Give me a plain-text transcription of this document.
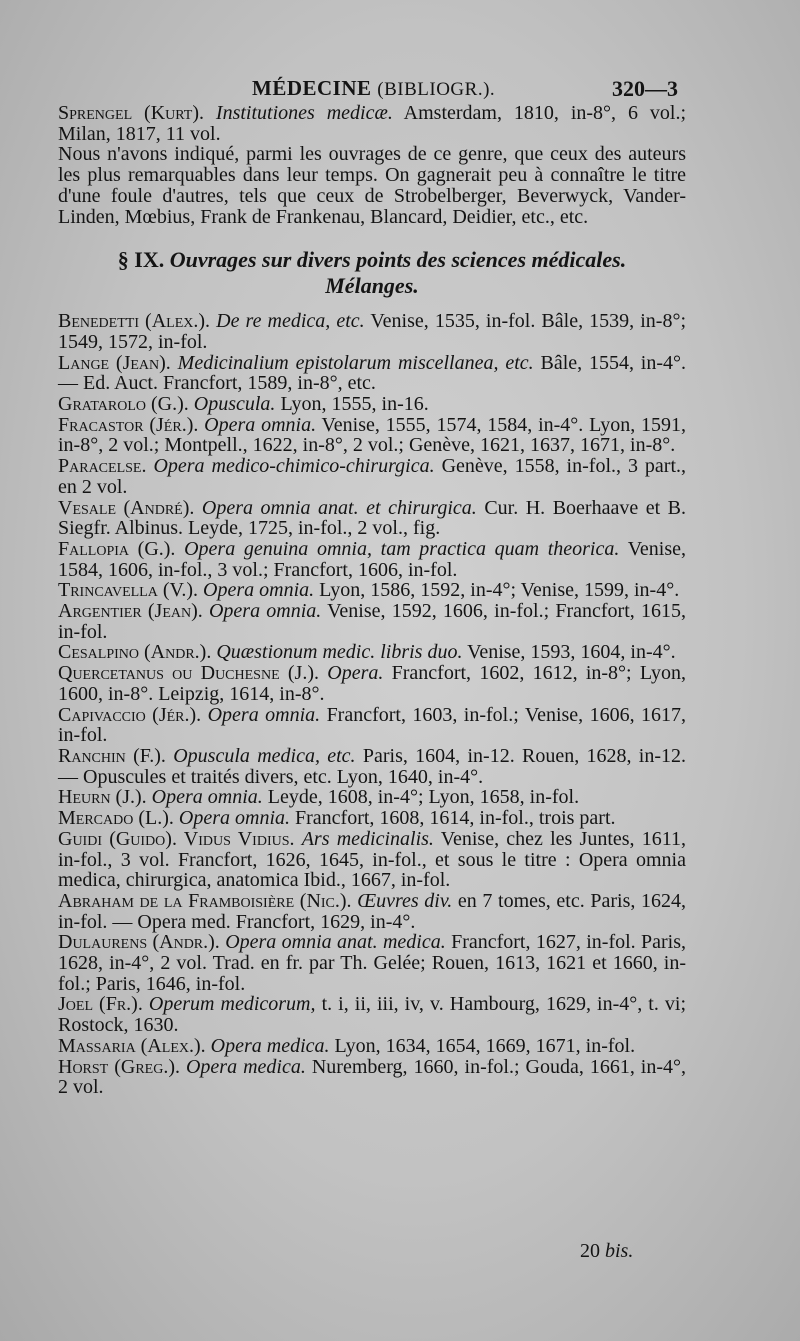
MÉDECINE (BIBLIOGR.).	320—3

Sprengel (Kurt). Institutiones medicæ. Amsterdam, 1810, in-8°, 6 vol.; Milan, 1817, 11 vol.

Nous n'avons indiqué, parmi les ouvrages de ce genre, que ceux des auteurs les plus remarquables dans leur temps. On gagnerait peu à connaître le titre d'une foule d'autres, tels que ceux de Strobelberger, Beverwyck, Vander-Linden, Mœbius, Frank de Frankenau, Blancard, Deidier, etc., etc.

§ IX. Ouvrages sur divers points des sciences médicales.
Mélanges.

Benedetti (Alex.). De re medica, etc. Venise, 1535, in-fol. Bâle, 1539, in-8°; 1549, 1572, in-fol.

Lange (Jean). Medicinalium epistolarum miscellanea, etc. Bâle, 1554, in-4°. — Ed. Auct. Francfort, 1589, in-8°, etc.

Gratarolo (G.). Opuscula. Lyon, 1555, in-16.

Fracastor (Jér.). Opera omnia. Venise, 1555, 1574, 1584, in-4°. Lyon, 1591, in-8°, 2 vol.; Montpell., 1622, in-8°, 2 vol.; Genève, 1621, 1637, 1671, in-8°.

Paracelse. Opera medico-chimico-chirurgica. Genève, 1558, in-fol., 3 part., en 2 vol.

Vesale (André). Opera omnia anat. et chirurgica. Cur. H. Boerhaave et B. Siegfr. Albinus. Leyde, 1725, in-fol., 2 vol., fig.

Fallopia (G.). Opera genuina omnia, tam practica quam theorica. Venise, 1584, 1606, in-fol., 3 vol.; Francfort, 1606, in-fol.

Trincavella (V.). Opera omnia. Lyon, 1586, 1592, in-4°; Venise, 1599, in-4°.

Argentier (Jean). Opera omnia. Venise, 1592, 1606, in-fol.; Francfort, 1615, in-fol.

Cesalpino (Andr.). Quæstionum medic. libris duo. Venise, 1593, 1604, in-4°.

Quercetanus ou Duchesne (J.). Opera. Francfort, 1602, 1612, in-8°; Lyon, 1600, in-8°. Leipzig, 1614, in-8°.

Capivaccio (Jér.). Opera omnia. Francfort, 1603, in-fol.; Venise, 1606, 1617, in-fol.

Ranchin (F.). Opuscula medica, etc. Paris, 1604, in-12. Rouen, 1628, in-12. — Opuscules et traités divers, etc. Lyon, 1640, in-4°.

Heurn (J.). Opera omnia. Leyde, 1608, in-4°; Lyon, 1658, in-fol.

Mercado (L.). Opera omnia. Francfort, 1608, 1614, in-fol., trois part.

Guidi (Guido). Vidus Vidius. Ars medicinalis. Venise, chez les Juntes, 1611, in-fol., 3 vol. Francfort, 1626, 1645, in-fol., et sous le titre : Opera omnia medica, chirurgica, anatomica Ibid., 1667, in-fol.

Abraham de la Framboisière (Nic.). Œuvres div. en 7 tomes, etc. Paris, 1624, in-fol. — Opera med. Francfort, 1629, in-4°.

Dulaurens (Andr.). Opera omnia anat. medica. Francfort, 1627, in-fol. Paris, 1628, in-4°, 2 vol. Trad. en fr. par Th. Gelée; Rouen, 1613, 1621 et 1660, in-fol.; Paris, 1646, in-fol.

Joel (Fr.). Operum medicorum, t. i, ii, iii, iv, v. Hambourg, 1629, in-4°, t. vi; Rostock, 1630.

Massaria (Alex.). Opera medica. Lyon, 1634, 1654, 1669, 1671, in-fol.

Horst (Greg.). Opera medica. Nuremberg, 1660, in-fol.; Gouda, 1661, in-4°, 2 vol.

20 bis.
